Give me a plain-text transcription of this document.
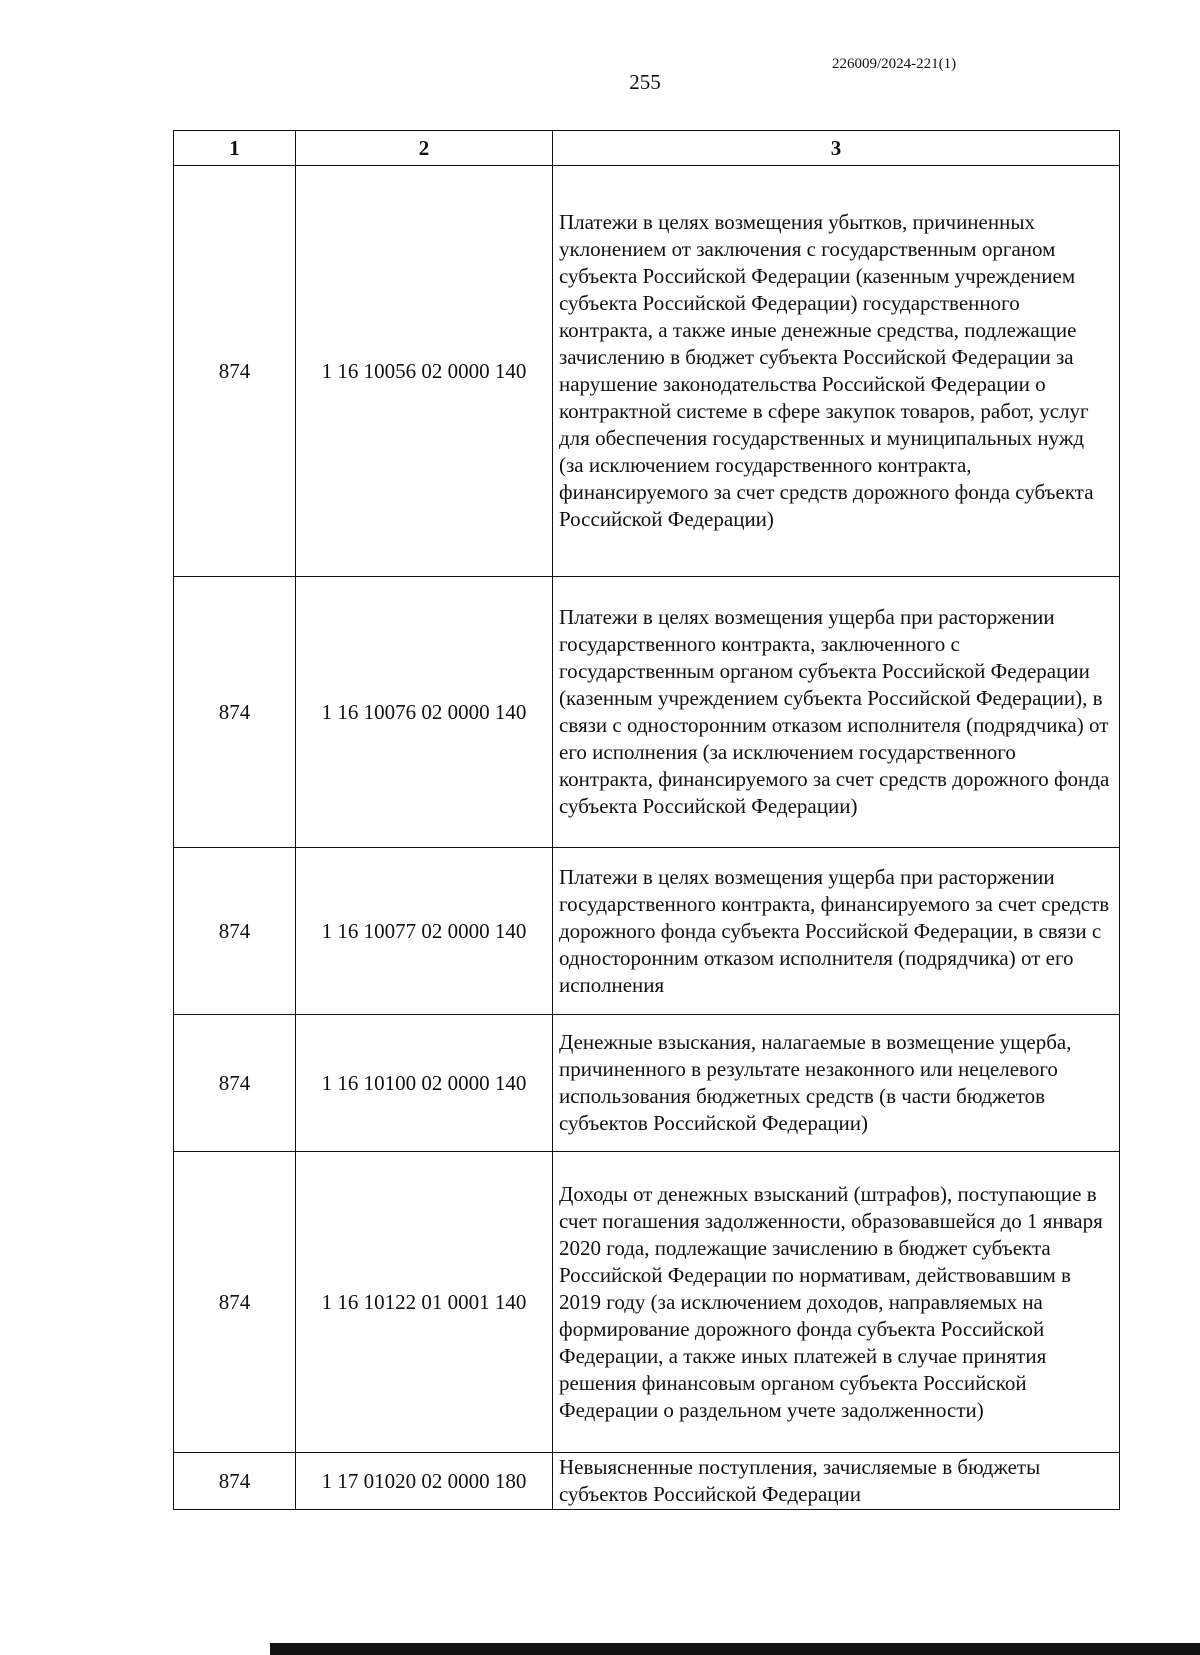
226009/2024-221(1)
255
1	2	3
874	1 16 10056 02 0000 140	Платежи в целях возмещения убытков, причиненных уклонением от заключения с государственным органом субъекта Российской Федерации (казенным учреждением субъекта Российской Федерации) государственного контракта, а также иные денежные средства, подлежащие зачислению в бюджет субъекта Российской Федерации за нарушение законодательства Российской Федерации о контрактной системе в сфере закупок товаров, работ, услуг для обеспечения государственных и муниципальных нужд (за исключением государственного контракта, финансируемого за счет средств дорожного фонда субъекта Российской Федерации)
874	1 16 10076 02 0000 140	Платежи в целях возмещения ущерба при расторжении государственного контракта, заключенного с государственным органом субъекта Российской Федерации (казенным учреждением субъекта Российской Федерации), в связи с односторонним отказом исполнителя (подрядчика) от его исполнения (за исключением государственного контракта, финансируемого за счет средств дорожного фонда субъекта Российской Федерации)
874	1 16 10077 02 0000 140	Платежи в целях возмещения ущерба при расторжении государственного контракта, финансируемого за счет средств дорожного фонда субъекта Российской Федерации, в связи с односторонним отказом исполнителя (подрядчика) от его исполнения
874	1 16 10100 02 0000 140	Денежные взыскания, налагаемые в возмещение ущерба, причиненного в результате незаконного или нецелевого использования бюджетных средств (в части бюджетов субъектов Российской Федерации)
874	1 16 10122 01 0001 140	Доходы от денежных взысканий (штрафов), поступающие в счет погашения задолженности, образовавшейся до 1 января 2020 года, подлежащие зачислению в бюджет субъекта Российской Федерации по нормативам, действовавшим в 2019 году (за исключением доходов, направляемых на формирование дорожного фонда субъекта Российской Федерации, а также иных платежей в случае принятия решения финансовым органом субъекта Российской Федерации о раздельном учете задолженности)
874	1 17 01020 02 0000 180	Невыясненные поступления, зачисляемые в бюджеты субъектов Российской Федерации
